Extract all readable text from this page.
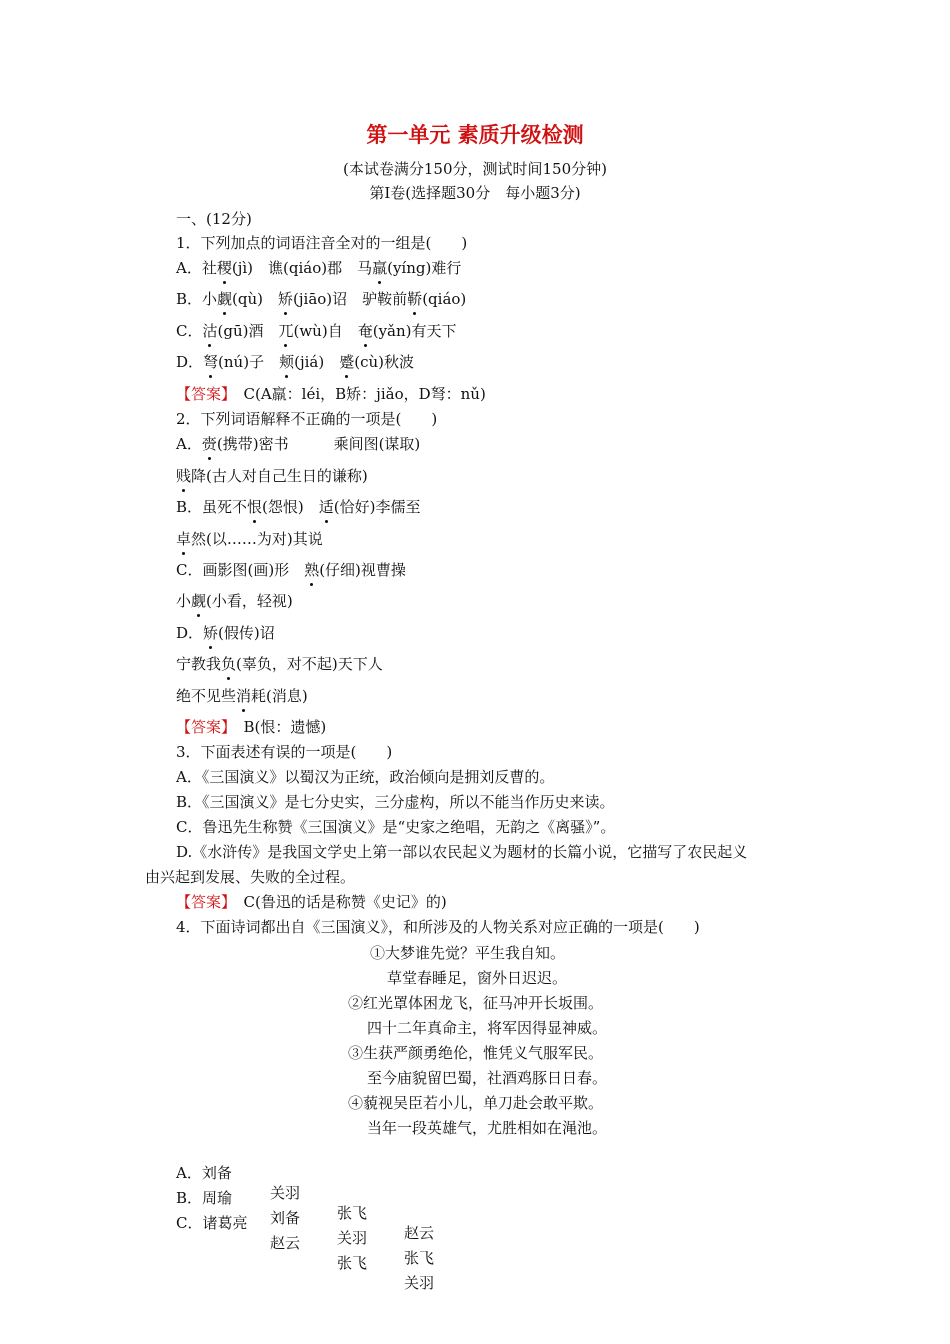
第一单元 素质升级检测
(本试卷满分150分，测试时间150分钟)
第Ⅰ卷(选择题30分　每小题3分)
一、(12分)
1．下列加点的词语注音全对的一组是(　　)
A．社稷(jì)　谯(qiáo)郡　马羸(yíng)难行
B．小觑(qù)　矫(jiāo)诏　驴鞍前鞒(qiáo)
C．沽(gū)酒　兀(wù)自　奄(yǎn)有天下
D．弩(nú)子　颊(jiá)　蹙(cù)秋波
【答案】　C(A羸：léi，B矫：jiǎo，D弩：nǔ)
2．下列词语解释不正确的一项是(　　)
A．赍(携带)密书　　　乘间图(谋取)
贱降(古人对自己生日的谦称)
B．虽死不恨(怨恨)　适(恰好)李儒至
卓然(以……为对)其说
C．画影图(画)形　熟(仔细)视曹操
小觑(小看，轻视)
D．矫(假传)诏
宁教我负(辜负，对不起)天下人
绝不见些消耗(消息)
【答案】　B(恨：遗憾)
3．下面表述有误的一项是(　　)
A．《三国演义》以蜀汉为正统，政治倾向是拥刘反曹的。
B．《三国演义》是七分史实，三分虚构，所以不能当作历史来读。
C．鲁迅先生称赞《三国演义》是“史家之绝唱，无韵之《离骚》”。
D.《水浒传》是我国文学史上第一部以农民起义为题材的长篇小说，它描写了农民起义
由兴起到发展、失败的全过程。
【答案】　C(鲁迅的话是称赞《史记》的)
4．下面诗词都出自《三国演义》，和所涉及的人物关系对应正确的一项是(　　)
①大梦谁先觉？平生我自知。
草堂春睡足，窗外日迟迟。
②红光罩体困龙飞，征马冲开长坂围。
四十二年真命主，将军因得显神威。
③生获严颜勇绝伦，惟凭义气服军民。
至今庙貌留巴蜀，社酒鸡豚日日春。
④藐视吴臣若小儿，单刀赴会敢平欺。
当年一段英雄气，尤胜相如在渑池。

A．刘备

关羽

张飞

赵云

B．周瑜

刘备

关羽

张飞

C．诸葛亮

赵云

张飞

关羽
